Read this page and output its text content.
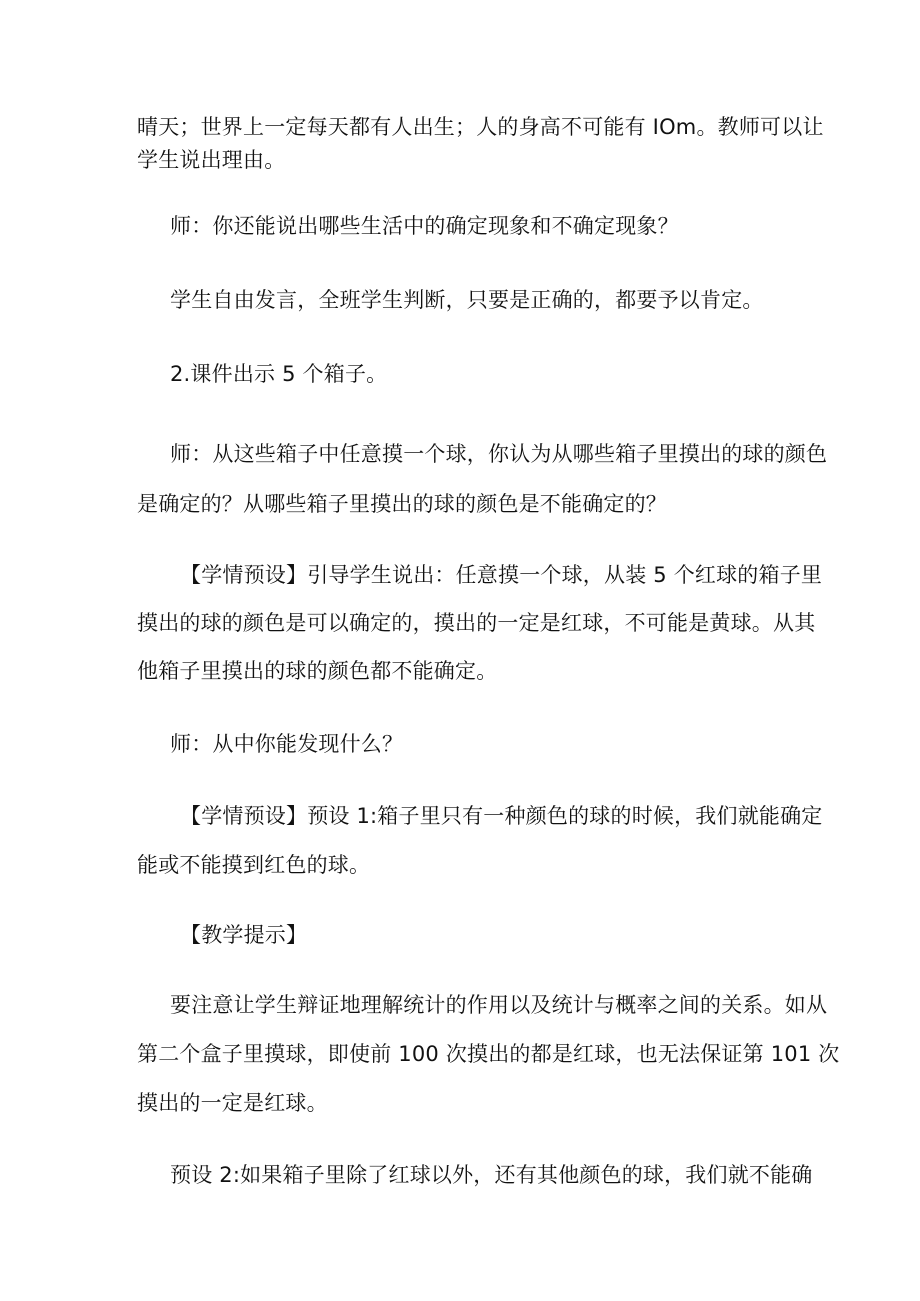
晴天；世界上一定每天都有人出生；人的身高不可能有 IOm。教师可以让
学生说出理由。
师：你还能说出哪些生活中的确定现象和不确定现象？
学生自由发言，全班学生判断，只要是正确的，都要予以肯定。
2.课件出示 5 个箱子。
师：从这些箱子中任意摸一个球，你认为从哪些箱子里摸出的球的颜色
是确定的？从哪些箱子里摸出的球的颜色是不能确定的？
【学情预设】引导学生说出：任意摸一个球，从装 5 个红球的箱子里
摸出的球的颜色是可以确定的，摸出的一定是红球，不可能是黄球。从其
他箱子里摸出的球的颜色都不能确定。
师：从中你能发现什么？
【学情预设】预设 1:箱子里只有一种颜色的球的时候，我们就能确定
能或不能摸到红色的球。
【教学提示】
要注意让学生辩证地理解统计的作用以及统计与概率之间的关系。如从
第二个盒子里摸球，即使前 100 次摸出的都是红球，也无法保证第 101 次
摸出的一定是红球。
预设 2:如果箱子里除了红球以外，还有其他颜色的球，我们就不能确
